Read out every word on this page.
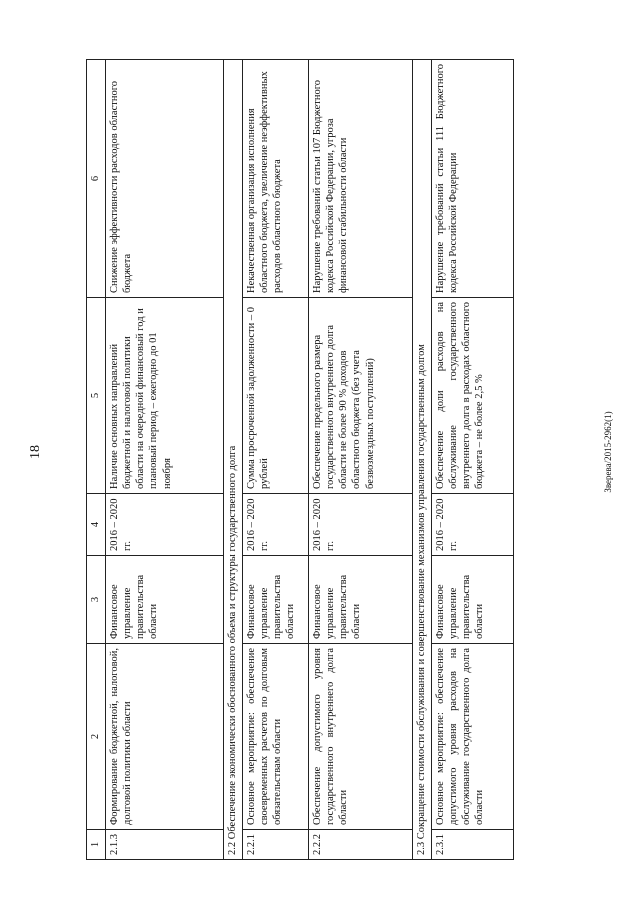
18	Зверева/2015-2962(1)
1	2	3	4	5	6
2.1.3	Формирование бюджетной, налоговой, долговой политики области	Финансовое управление правительства области	2016 – 2020 гг.	Наличие основных направлений бюджетной и налоговой политики области на очередной финансовый год и плановый период – ежегодно до 01 ноября	Снижение эффективности расходов областного бюджета
2.2 Обеспечение экономически обоснованного объема и структуры государственного долга					
2.2.1	Основное мероприятие: обеспечение своевременных расчетов по долговым обязательствам области	Финансовое управление правительства области	2016 – 2020 гг.	Сумма просроченной задолженности – 0 рублей	Некачественная организация исполнения областного бюджета, увеличение неэффективных расходов областного бюджета
2.2.2	Обеспечение допустимого уровня государственного внутреннего долга области	Финансовое управление правительства области	2016 – 2020 гг.	Обеспечение предельного размера государственного внутреннего долга области не более 90 % доходов областного бюджета (без учета безвозмездных поступлений)	Нарушение требований статьи 107 Бюджетного кодекса Российской Федерации, угроза финансовой стабильности области
2.3 Сокращение стоимости обслуживания и совершенствование механизмов управления государственным долгом					
2.3.1	Основное мероприятие: обеспечение допустимого уровня расходов на обслуживание государственного долга области	Финансовое управление правительства области	2016 – 2020 гг.	Обеспечение доли расходов на обслуживание государственного внутреннего долга в расходах областного бюджета – не более 2,5 %	Нарушение требований статьи 111 Бюджетного кодекса Российской Федерации
